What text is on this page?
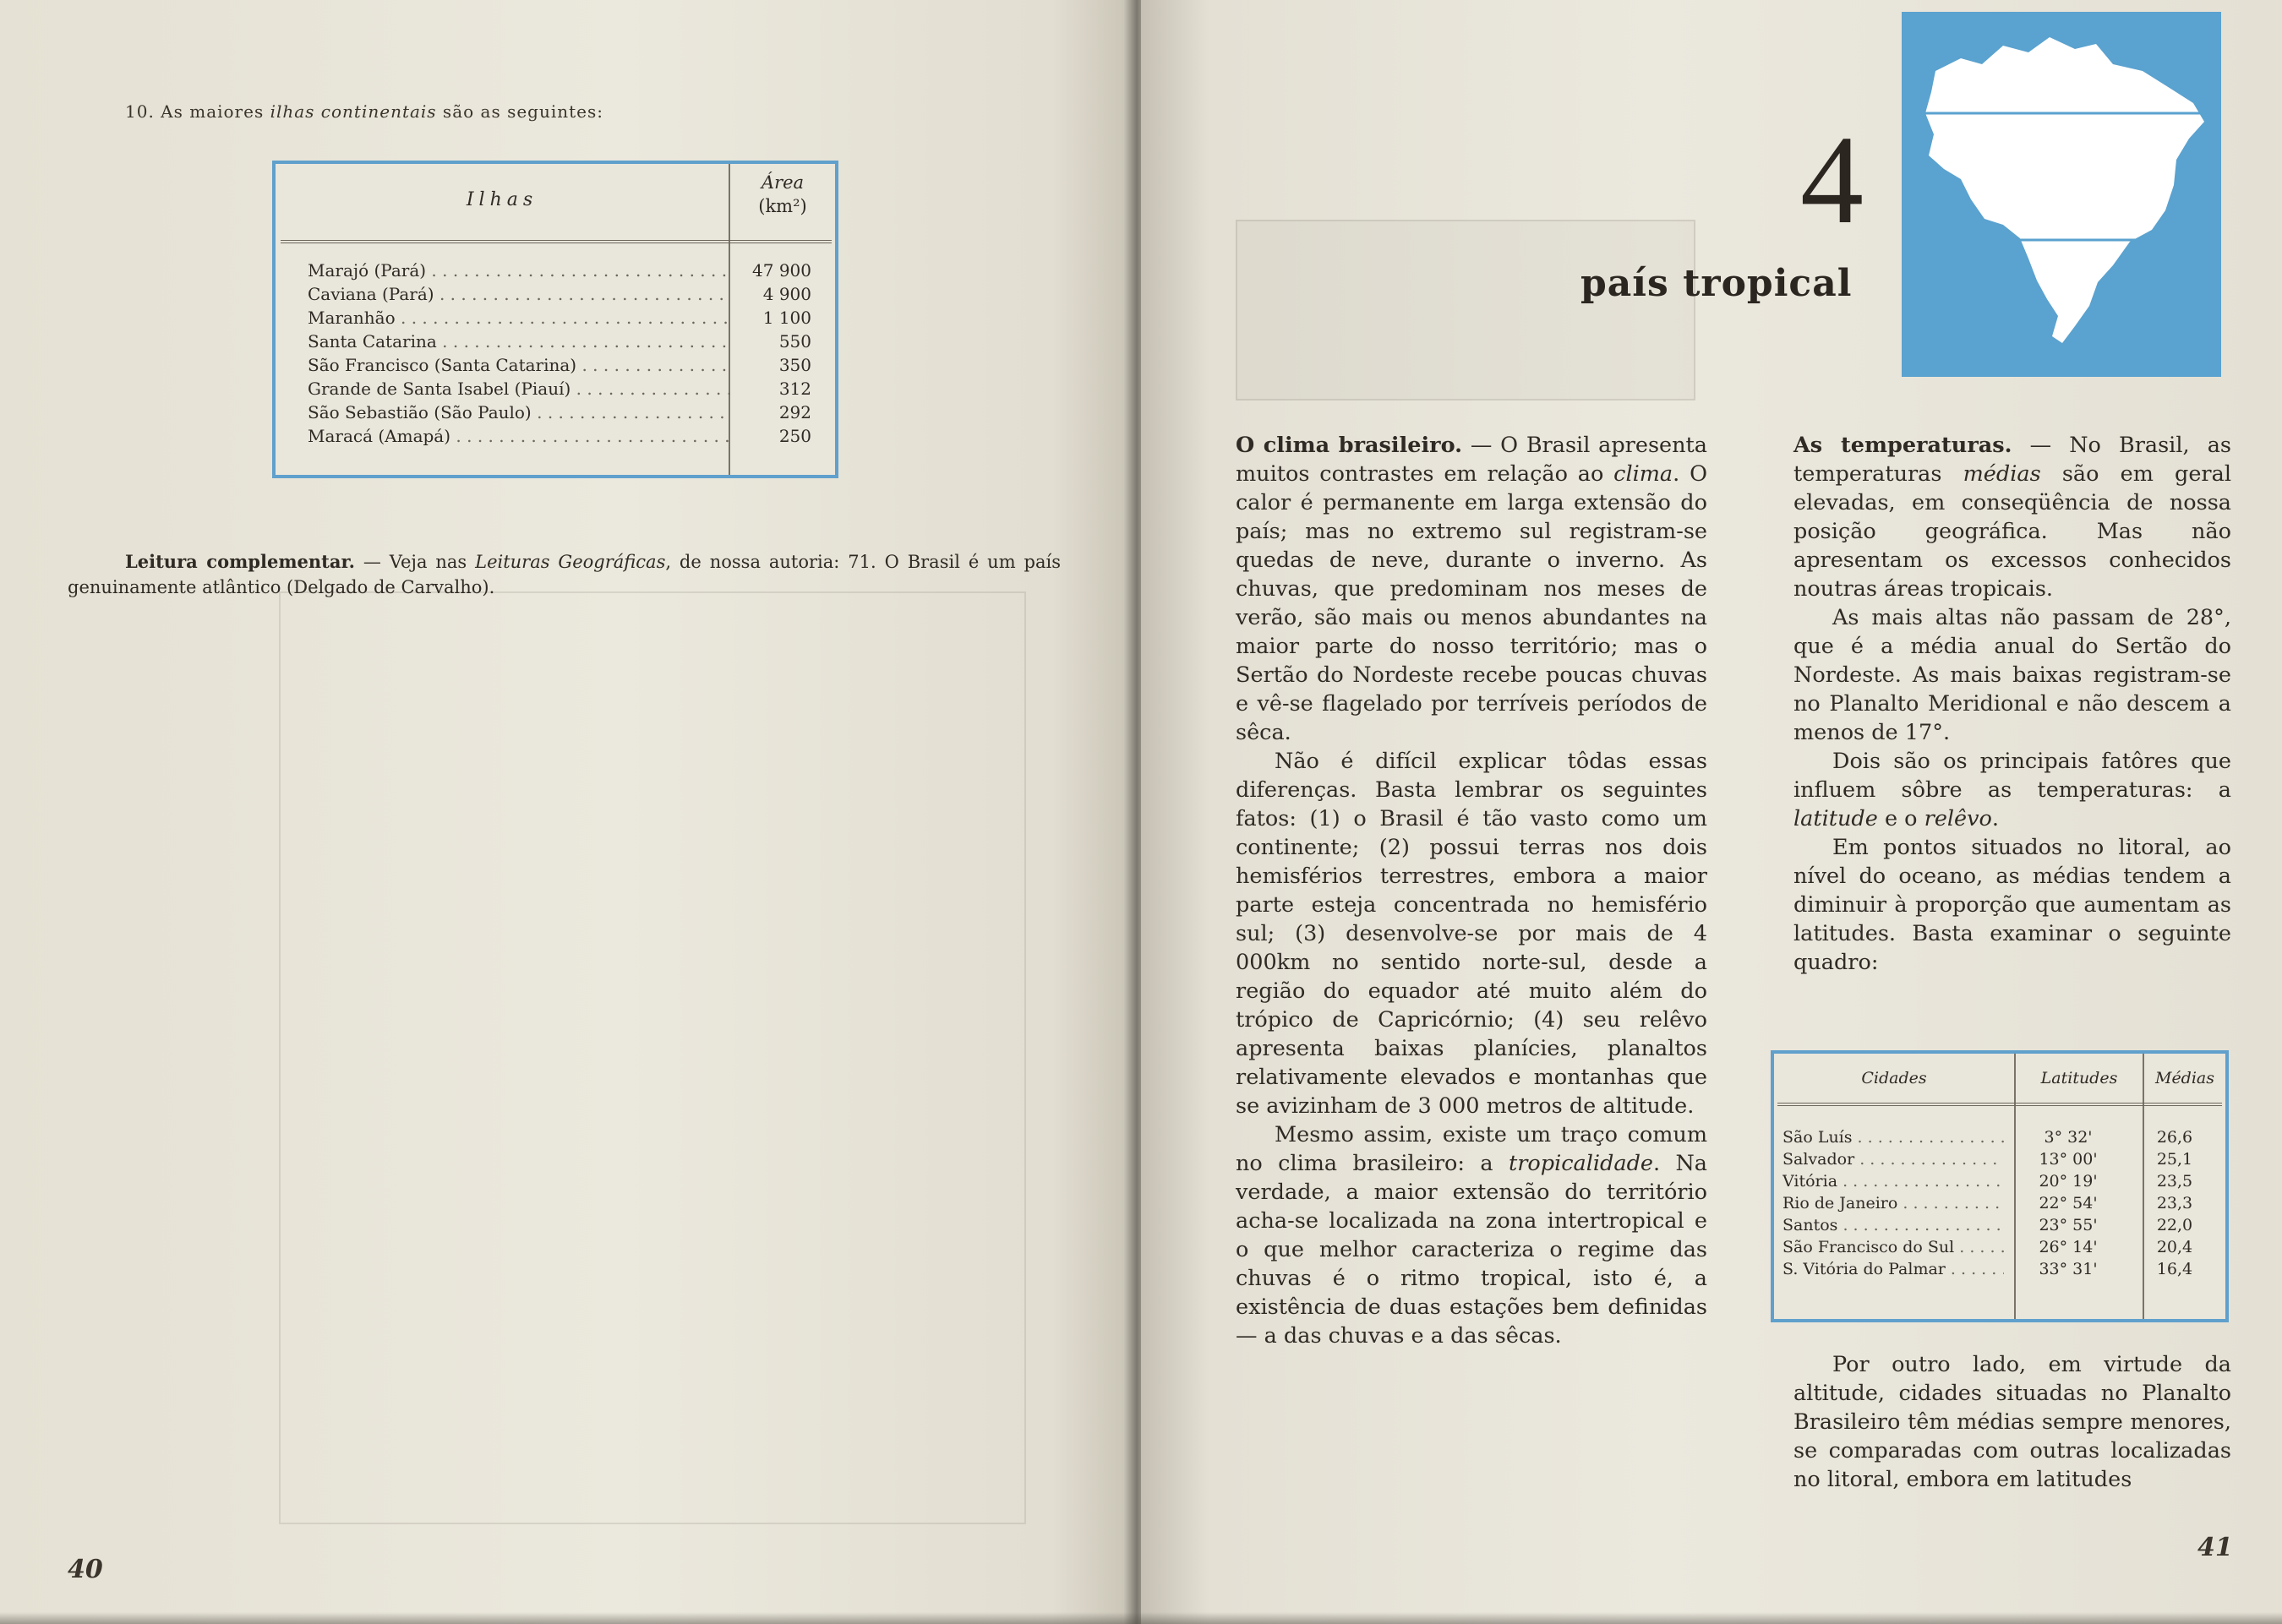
10. As maiores ilhas continentais são as seguintes:
Ilhas
Área
(km²)
Marajó (Pará) . . .	47 900
Caviana (Pará) . . .	4 900
Maranhão . . .	1 100
Santa Catarina . . .	550
São Francisco (Santa Catarina) . . .	350
Grande de Santa Isabel (Piauí) . . .	312
São Sebastião (São Paulo) . . .	292
Maracá (Amapá) . . .	250
Leitura complementar. — Veja nas Leituras Geográficas, de nossa autoria: 71. O Brasil é um país genuinamente atlântico (Delgado de Carvalho).
40
4
país tropical

O clima brasileiro. — O Brasil apresenta muitos contrastes em relação ao clima. O calor é permanente em larga extensão do país; mas no extremo sul registram-se quedas de neve, durante o inverno. As chuvas, que predominam nos meses de verão, são mais ou menos abundantes na maior parte do nosso território; mas o Sertão do Nordeste recebe poucas chuvas e vê-se flagelado por terríveis períodos de sêca.

Não é difícil explicar tôdas essas diferenças. Basta lembrar os seguintes fatos: (1) o Brasil é tão vasto como um continente; (2) possui terras nos dois hemisférios terrestres, embora a maior parte esteja concentrada no hemisfério sul; (3) desenvolve-se por mais de 4 000km no sentido norte-sul, desde a região do equador até muito além do trópico de Capricórnio; (4) seu relêvo apresenta baixas planícies, planaltos relativamente elevados e montanhas que se avizinham de 3 000 metros de altitude.

Mesmo assim, existe um traço comum no clima brasileiro: a tropicalidade. Na verdade, a maior extensão do território acha-se localizada na zona intertropical e o que melhor caracteriza o regime das chuvas é o ritmo tropical, isto é, a existência de duas estações bem definidas — a das chuvas e a das sêcas.

As temperaturas. — No Brasil, as temperaturas médias são em geral elevadas, em conseqüência de nossa posição geográfica. Mas não apresentam os excessos conhecidos noutras áreas tropicais.

As mais altas não passam de 28°, que é a média anual do Sertão do Nordeste. As mais baixas registram-se no Planalto Meridional e não descem a menos de 17°.

Dois são os principais fatôres que influem sôbre as temperaturas: a latitude e o relêvo.

Em pontos situados no litoral, ao nível do oceano, as médias tendem a diminuir à proporção que aumentam as latitudes. Basta examinar o seguinte quadro:

Cidades	Latitudes	Médias
São Luís . . .	3° 32'	26,6
Salvador . . .	13° 00'	25,1
Vitória . . .	20° 19'	23,5
Rio de Janeiro . . .	22° 54'	23,3
Santos . . .	23° 55'	22,0
São Francisco do Sul . . .	26° 14'	20,4
S. Vitória do Palmar . . .	33° 31'	16,4

Por outro lado, em virtude da altitude, cidades situadas no Planalto Brasileiro têm médias sempre menores, se comparadas com outras localizadas no litoral, embora em latitudes

41
